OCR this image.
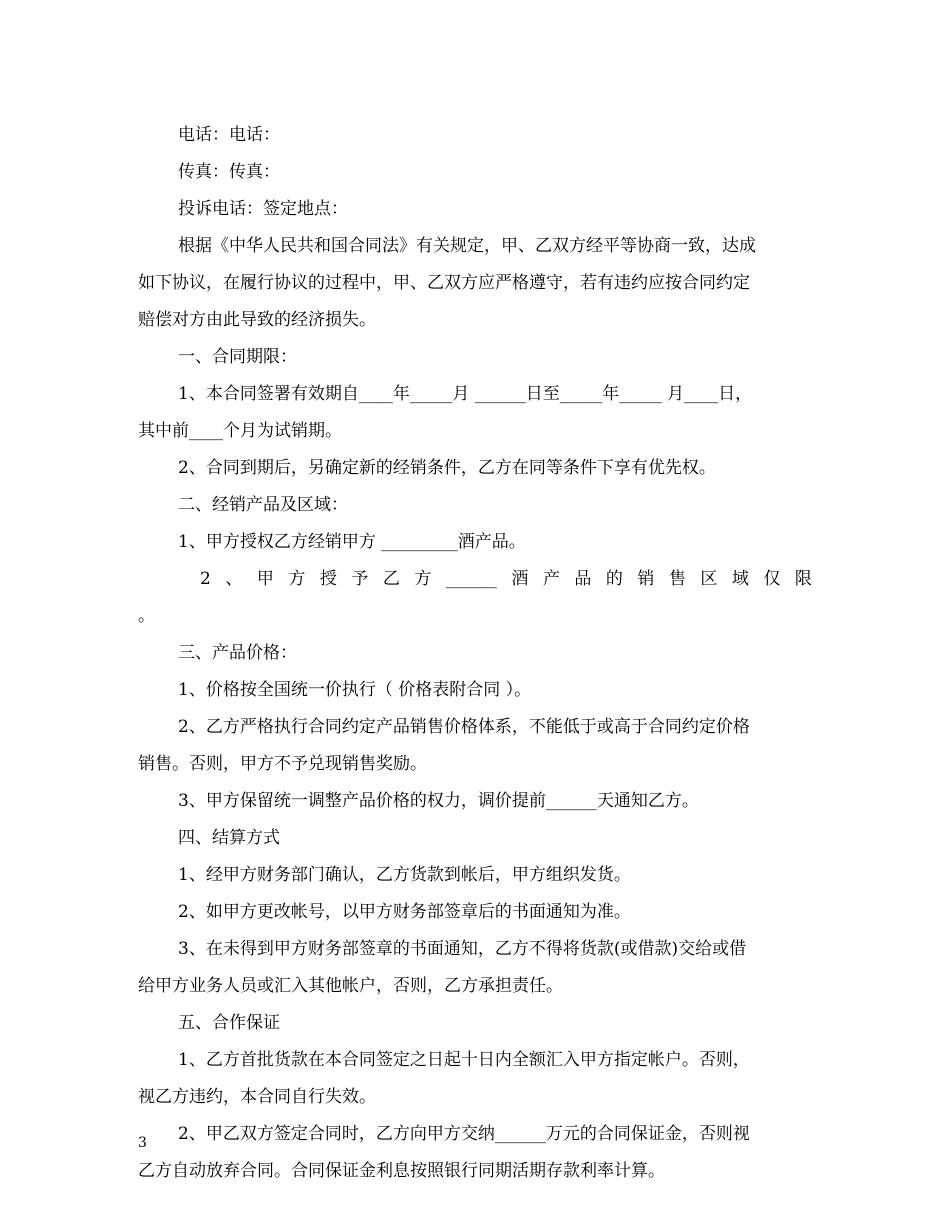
电话：电话：
传真：传真：
投诉电话：签定地点：
根据《中华人民共和国合同法》有关规定，甲、乙双方经平等协商一致，达成
如下协议，在履行协议的过程中，甲、乙双方应严格遵守，若有违约应按合同约定
赔偿对方由此导致的经济损失。
一、合同期限：
1、本合同签署有效期自____年_____月 ______日至_____年_____ 月____日，
其中前____个月为试销期。
2、合同到期后，另确定新的经销条件，乙方在同等条件下享有优先权。
二、经销产品及区域：
1、甲方授权乙方经销甲方 _________酒产品。
2 、 甲 方 授 予 乙 方 ______ 酒 产 品 的 销 售 区 域 仅 限
。
三、产品价格：
1、价格按全国统一价执行（ 价格表附合同 ）。
2、乙方严格执行合同约定产品销售价格体系，不能低于或高于合同约定价格
销售。否则，甲方不予兑现销售奖励。
3、甲方保留统一调整产品价格的权力，调价提前______天通知乙方。
四、结算方式
1、经甲方财务部门确认，乙方货款到帐后，甲方组织发货。
2、如甲方更改帐号，以甲方财务部签章后的书面通知为准。
3、在未得到甲方财务部签章的书面通知，乙方不得将货款(或借款)交给或借
给甲方业务人员或汇入其他帐户，否则，乙方承担责任。
五、合作保证
1、乙方首批货款在本合同签定之日起十日内全额汇入甲方指定帐户。否则，
视乙方违约，本合同自行失效。
2、甲乙双方签定合同时，乙方向甲方交纳______万元的合同保证金，否则视
乙方自动放弃合同。合同保证金利息按照银行同期活期存款利率计算。
3
